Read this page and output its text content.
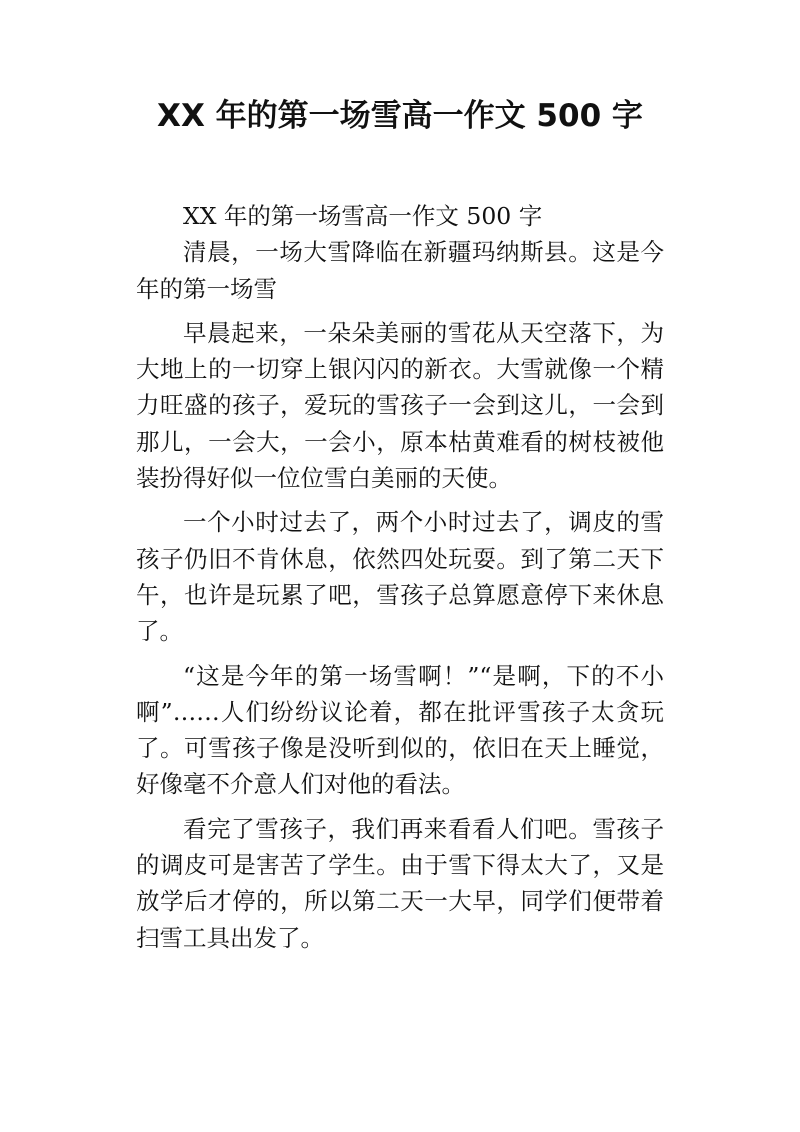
XX 年的第一场雪高一作文 500 字

XX 年的第一场雪高一作文 500 字

清晨，一场大雪降临在新疆玛纳斯县。这是今年的第一场雪

早晨起来，一朵朵美丽的雪花从天空落下，为大地上的一切穿上银闪闪的新衣。大雪就像一个精力旺盛的孩子，爱玩的雪孩子一会到这儿，一会到那儿，一会大，一会小，原本枯黄难看的树枝被他装扮得好似一位位雪白美丽的天使。

一个小时过去了，两个小时过去了，调皮的雪孩子仍旧不肯休息，依然四处玩耍。到了第二天下午，也许是玩累了吧，雪孩子总算愿意停下来休息了。

“这是今年的第一场雪啊！”“是啊，下的不小啊”……人们纷纷议论着，都在批评雪孩子太贪玩了。可雪孩子像是没听到似的，依旧在天上睡觉，好像毫不介意人们对他的看法。

看完了雪孩子，我们再来看看人们吧。雪孩子的调皮可是害苦了学生。由于雪下得太大了，又是放学后才停的，所以第二天一大早，同学们便带着扫雪工具出发了。
